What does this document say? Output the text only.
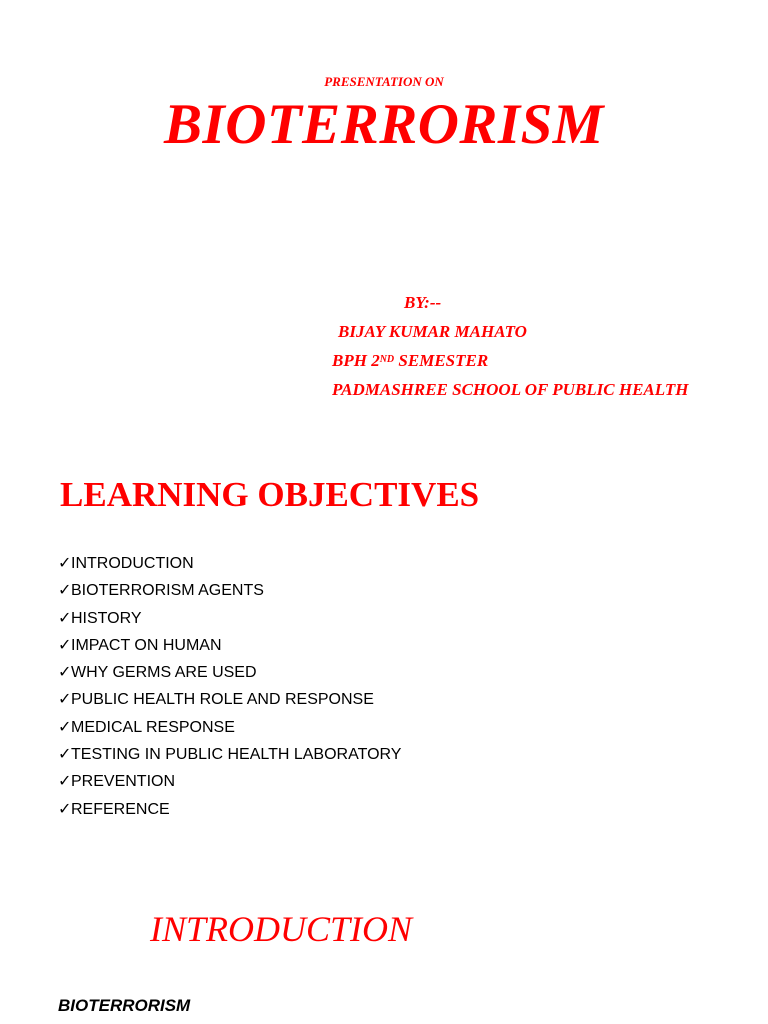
PRESENTATION ON
BIOTERRORISM
BY:--
BIJAY KUMAR MAHATO
BPH 2ND SEMESTER
PADMASHREE SCHOOL OF PUBLIC HEALTH
LEARNING OBJECTIVES
✓INTRODUCTION
✓BIOTERRORISM AGENTS
✓HISTORY
✓IMPACT ON HUMAN
✓WHY GERMS ARE USED
✓PUBLIC HEALTH ROLE AND RESPONSE
✓MEDICAL RESPONSE
✓TESTING IN PUBLIC HEALTH LABORATORY
✓PREVENTION
✓REFERENCE
INTRODUCTION
BIOTERRORISM
